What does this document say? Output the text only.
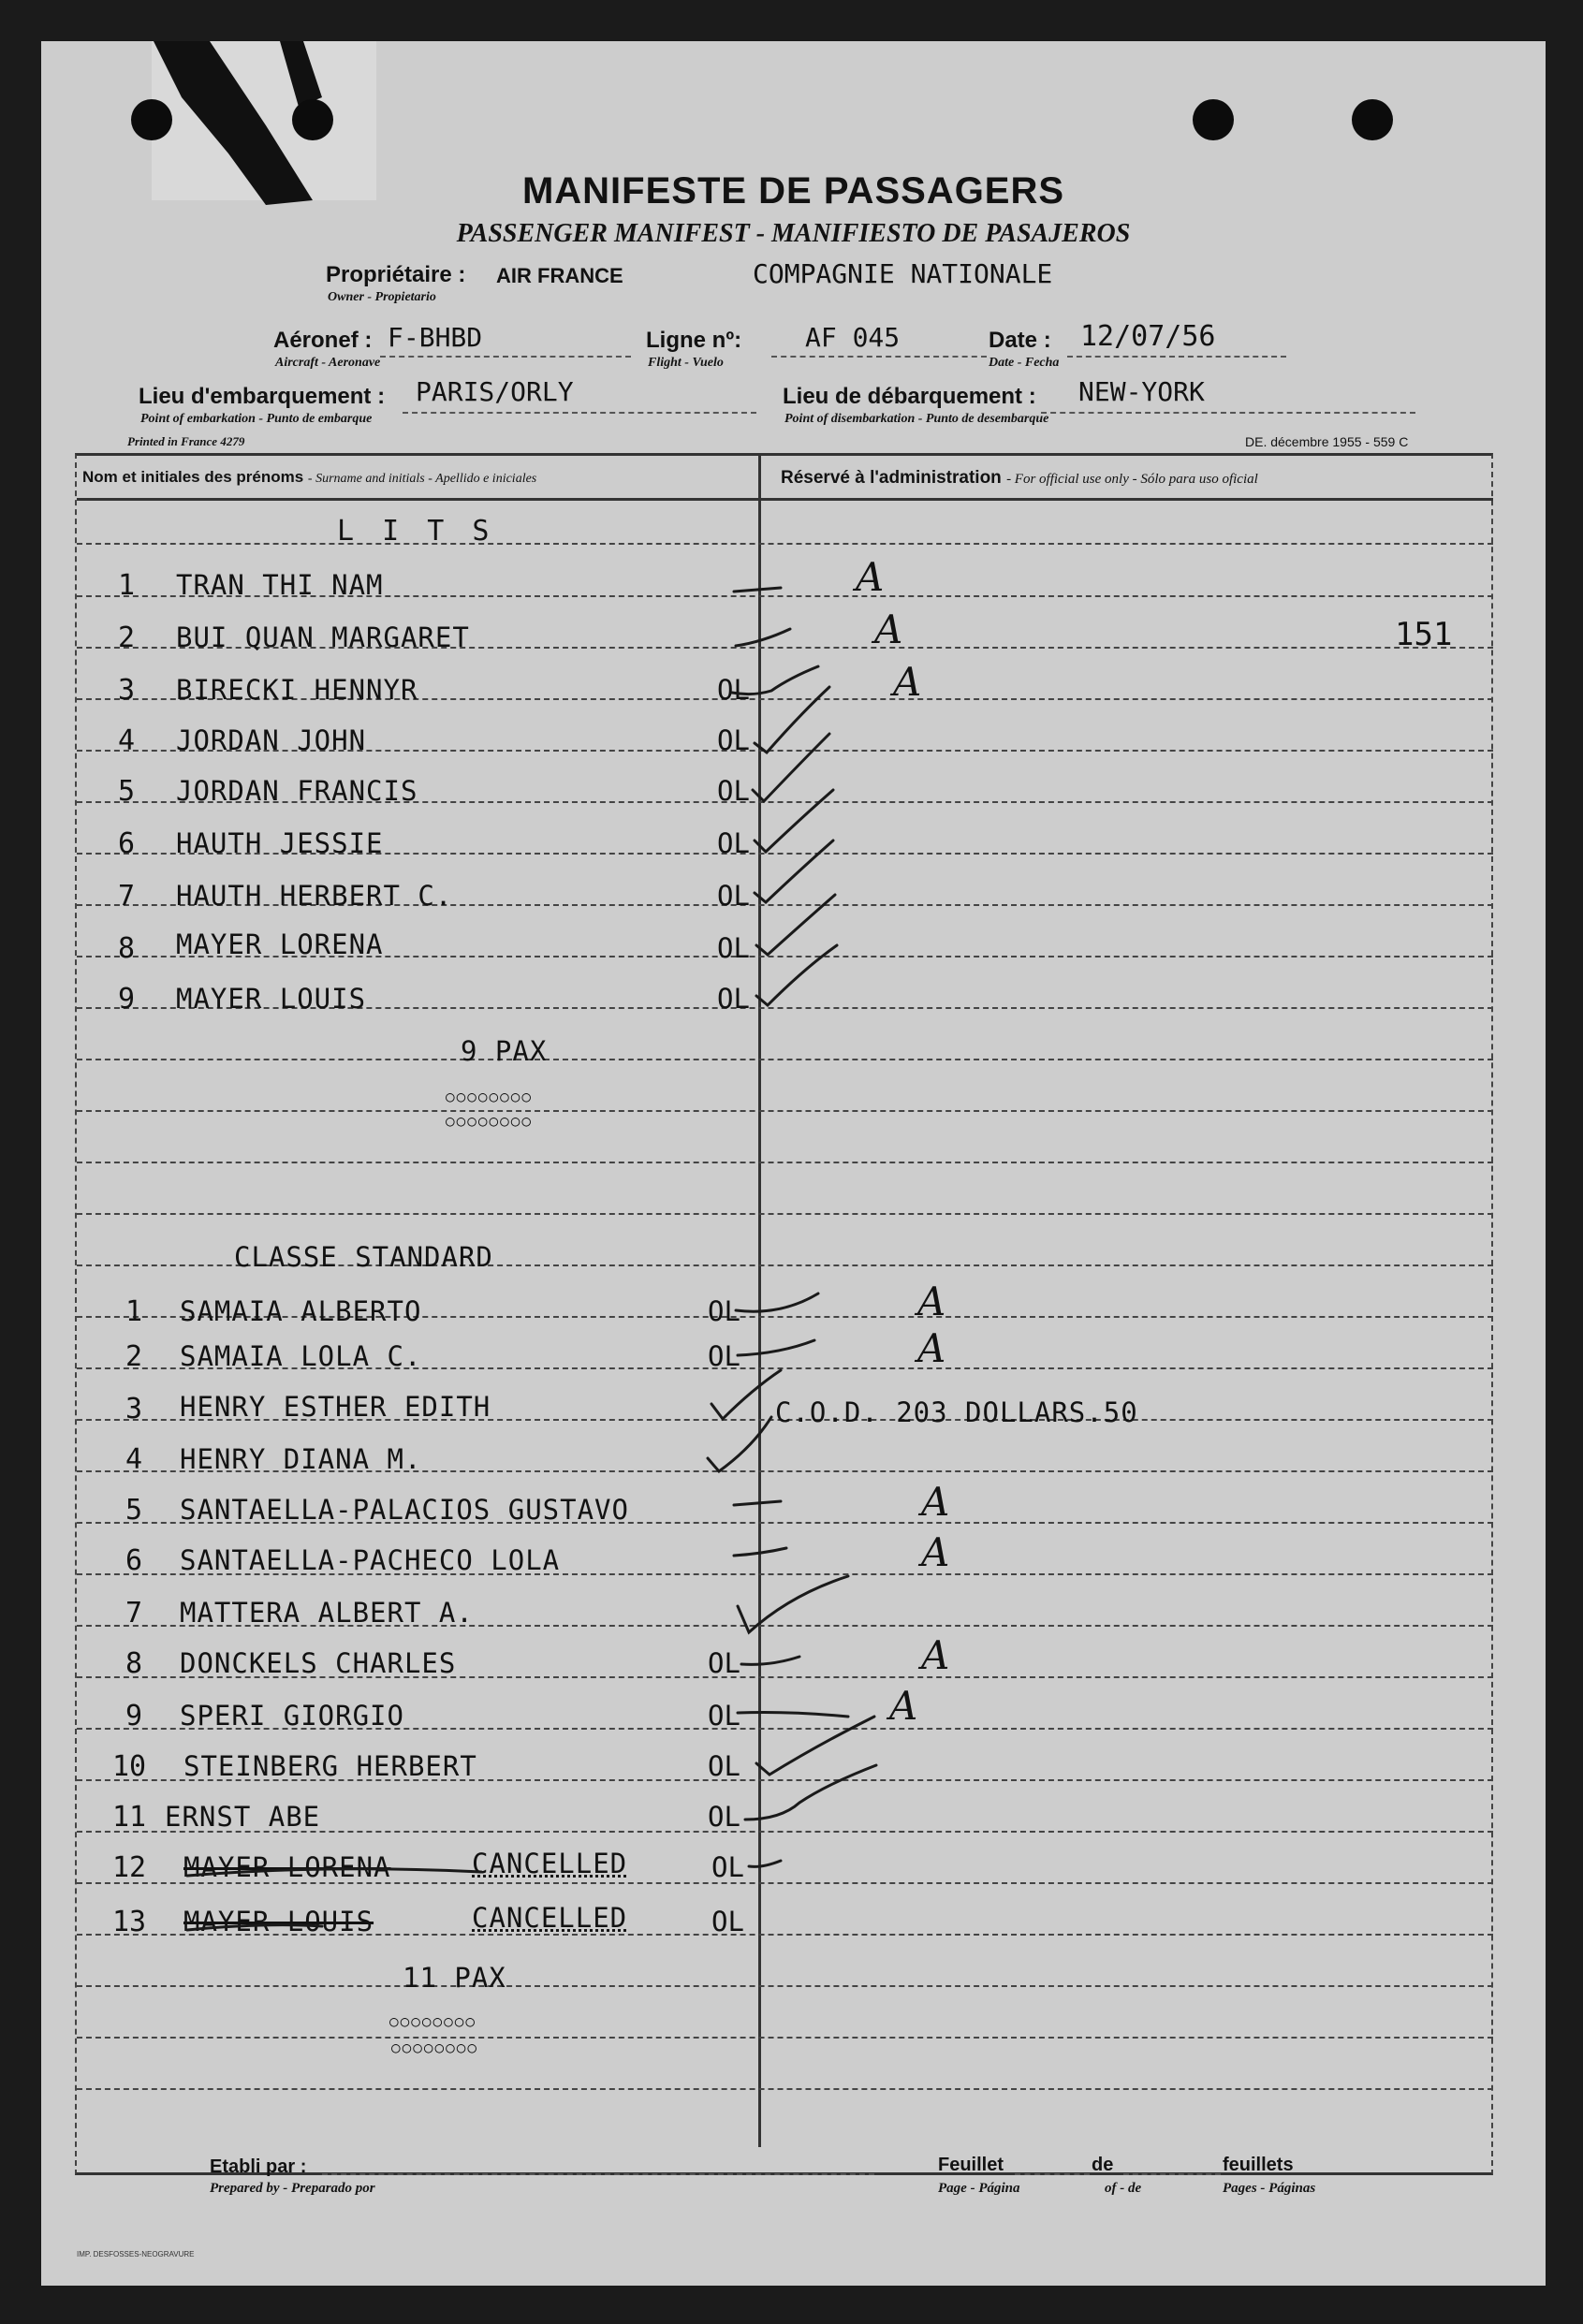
MANIFESTE DE PASSAGERS
PASSENGER MANIFEST - MANIFIESTO DE PASAJEROS
Propriétaire : AIR FRANCE	COMPAGNIE NATIONALE
Owner - Propietario
Aéronef : F-BHBD
Aircraft - Aeronave
Ligne nº: AF 045
Flight - Vuelo
Date : 12/07/56
Date - Fecha
Lieu d'embarquement : PARIS/ORLY
Point of embarkation - Punto de embarque
Lieu de débarquement : NEW-YORK
Point of disembarkation - Punto de desembarque
Printed in France 4279	DE. décembre 1955 - 559 C
Nom et initiales des prénoms - Surname and initials - Apellido e iniciales	Réservé à l'administration - For official use only - Sólo para uso oficial
L I T S
1 TRAN THI NAM	A
2 BUI QUAN MARGARET	A	151
3 BIRECKI HENNYR	OL	A
4 JORDAN JOHN	OL
5 JORDAN FRANCIS	OL
6 HAUTH JESSIE	OL
7 HAUTH HERBERT C.	OL
8 MAYER LORENA	OL
9 MAYER LOUIS	OL
9 PAX
○○○○○○○○
○○○○○○○○
CLASSE STANDARD
1 SAMAIA ALBERTO	OL	A
2 SAMAIA LOLA C.	OL	A
3 HENRY ESTHER EDITH	C.O.D. 203 DOLLARS.50
4 HENRY DIANA M.
5 SANTAELLA-PALACIOS GUSTAVO	A
6 SANTAELLA-PACHECO LOLA	A
7 MATTERA ALBERT A.
8 DONCKELS CHARLES	OL	A
9 SPERI GIORGIO	OL	A
10 STEINBERG HERBERT	OL
11 ERNST ABE	OL
12 MAYER LORENA	CANCELLED	OL
13 MAYER LOUIS	CANCELLED	OL
11 PAX
○○○○○○○○
○○○○○○○○
Etabli par :
Prepared by - Preparado por
Feuillet
Page - Página
de
of - de
feuillets
Pages - Páginas
IMP. DESFOSSES-NEOGRAVURE
